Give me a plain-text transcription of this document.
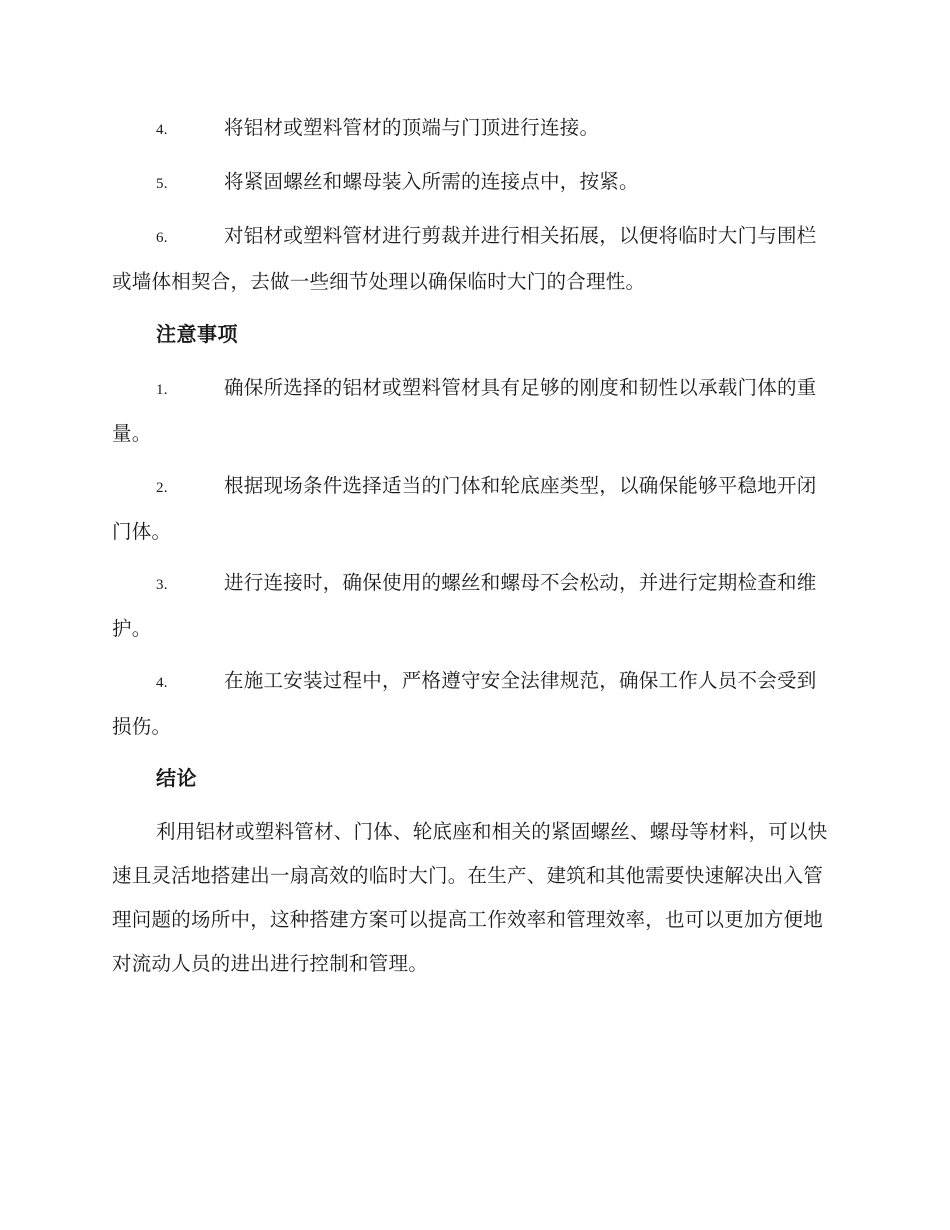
4.	将铝材或塑料管材的顶端与门顶进行连接。

5.	将紧固螺丝和螺母装入所需的连接点中，按紧。

6.	对铝材或塑料管材进行剪裁并进行相关拓展，以便将临时大门与围栏或墙体相契合，去做一些细节处理以确保临时大门的合理性。

注意事项

1.	确保所选择的铝材或塑料管材具有足够的刚度和韧性以承载门体的重量。

2.	根据现场条件选择适当的门体和轮底座类型，以确保能够平稳地开闭门体。

3.	进行连接时，确保使用的螺丝和螺母不会松动，并进行定期检查和维护。

4.	在施工安装过程中，严格遵守安全法律规范，确保工作人员不会受到损伤。

结论

利用铝材或塑料管材、门体、轮底座和相关的紧固螺丝、螺母等材料，可以快速且灵活地搭建出一扇高效的临时大门。在生产、建筑和其他需要快速解决出入管理问题的场所中，这种搭建方案可以提高工作效率和管理效率，也可以更加方便地对流动人员的进出进行控制和管理。
